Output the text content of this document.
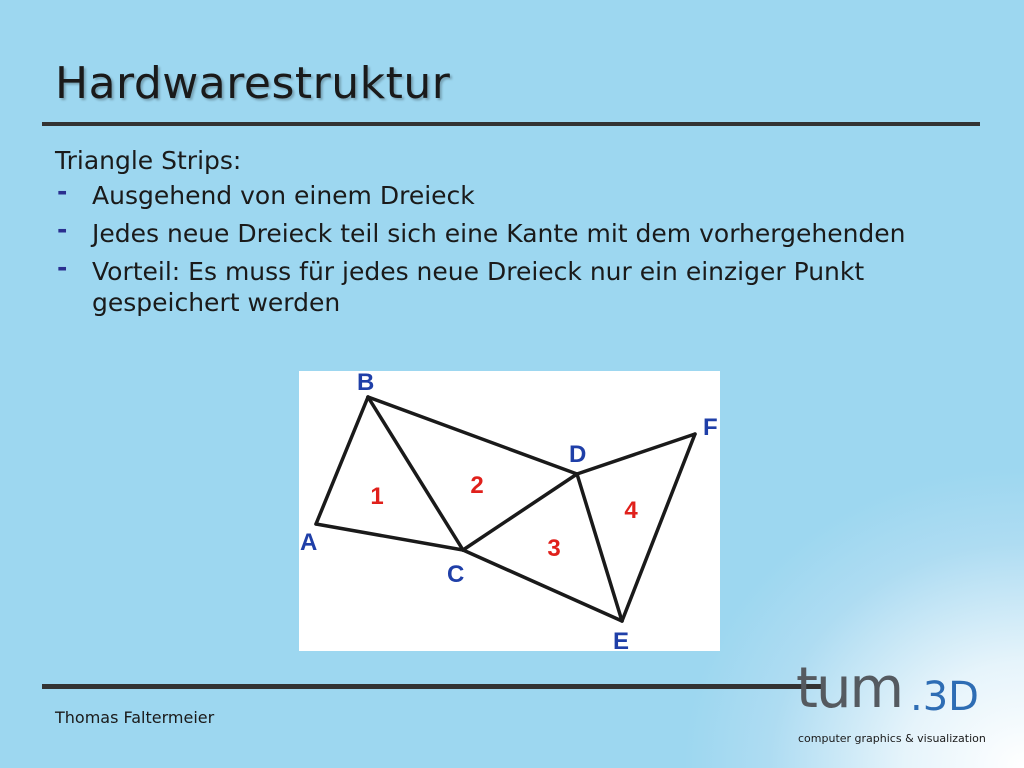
Hardwarestruktur
Triangle Strips:
- Ausgehend von einem Dreieck
- Jedes neue Dreieck teil sich eine Kante mit dem vorhergehenden
- Vorteil: Es muss für jedes neue Dreieck nur ein einziger Punkt gespeichert werden
A
B
C
D
E
F
1	2
3
4
Thomas Faltermeier	tum .3D
computer graphics & visualization
